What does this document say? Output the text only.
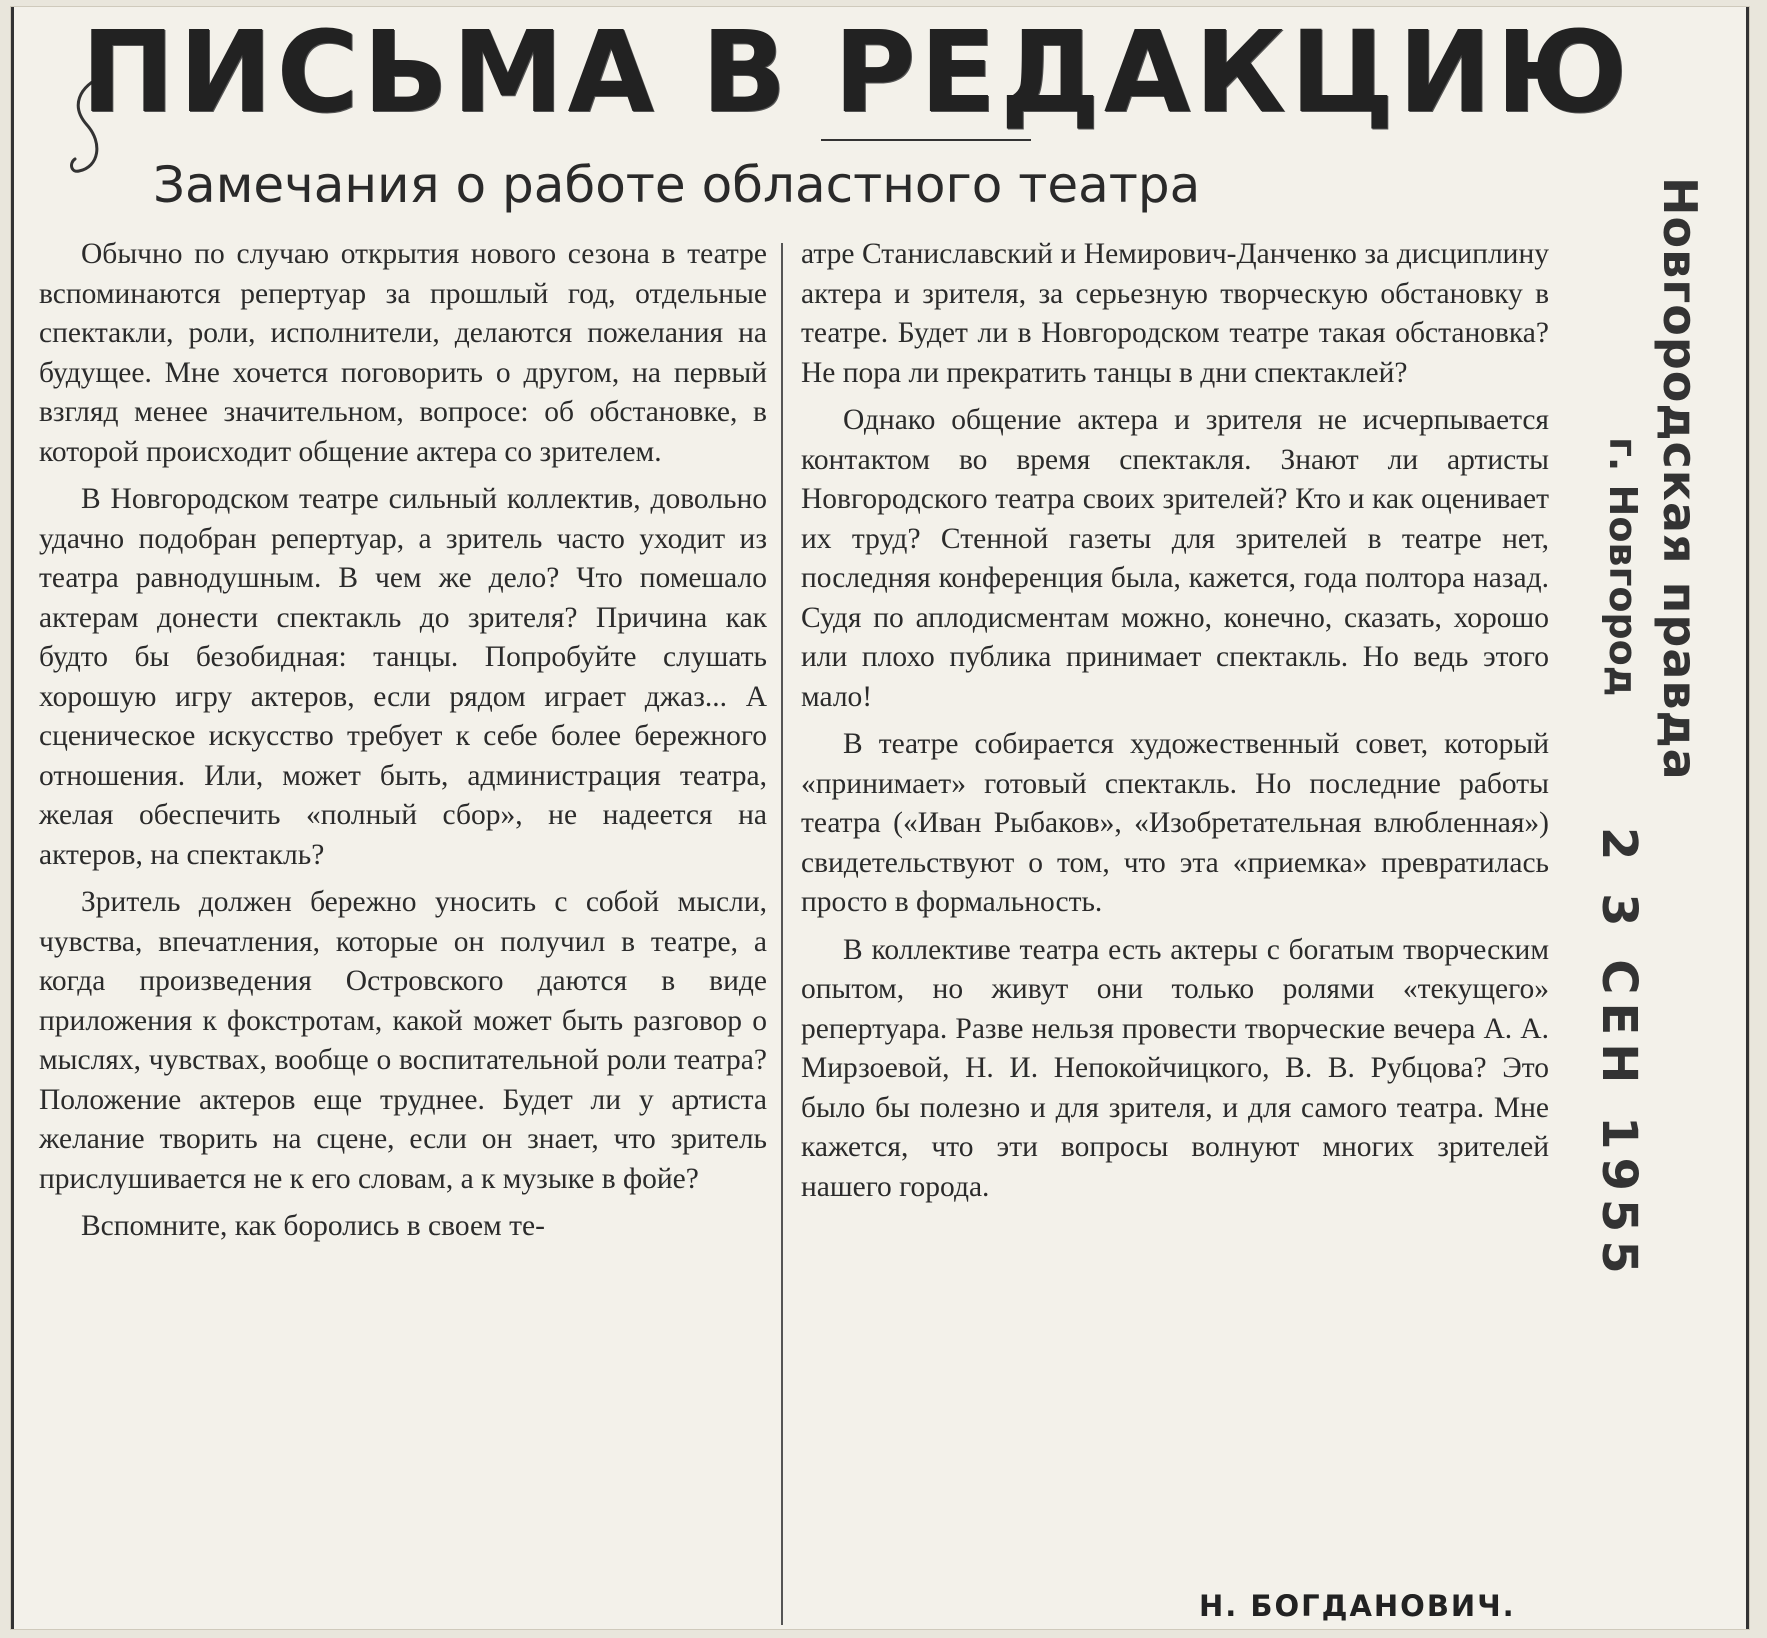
ПИСЬМА В РЕДАКЦИЮ
Замечания о работе областного театра

Обычно по случаю открытия нового сезона в театре вспоминаются репертуар за прошлый год, отдельные спектакли, роли, исполнители, делаются пожелания на будущее. Мне хочется поговорить о другом, на первый взгляд менее значительном, вопросе: об обстановке, в которой происходит общение актера со зрителем.

В Новгородском театре сильный коллектив, довольно удачно подобран репертуар, а зритель часто уходит из театра равнодушным. В чем же дело? Что помешало актерам донести спектакль до зрителя? Причина как будто бы безобидная: танцы. Попробуйте слушать хорошую игру актеров, если рядом играет джаз... А сценическое искусство требует к себе более бережного отношения. Или, может быть, администрация театра, желая обеспечить «полный сбор», не надеется на актеров, на спектакль?

Зритель должен бережно уносить с собой мысли, чувства, впечатления, которые он получил в театре, а когда произведения Островского даются в виде приложения к фокстротам, какой может быть разговор о мыслях, чувствах, вообще о воспитательной роли театра? Положение актеров еще труднее. Будет ли у артиста желание творить на сцене, если он знает, что зритель прислушивается не к его словам, а к музыке в фойе?

Вспомните, как боролись в своем те-

атре Станиславский и Немирович-Данченко за дисциплину актера и зрителя, за серьезную творческую обстановку в театре. Будет ли в Новгородском театре такая обстановка? Не пора ли прекратить танцы в дни спектаклей?

Однако общение актера и зрителя не исчерпывается контактом во время спектакля. Знают ли артисты Новгородского театра своих зрителей? Кто и как оценивает их труд? Стенной газеты для зрителей в театре нет, последняя конференция была, кажется, года полтора назад. Судя по аплодисментам можно, конечно, сказать, хорошо или плохо публика принимает спектакль. Но ведь этого мало!

В театре собирается художественный совет, который «принимает» готовый спектакль. Но последние работы театра («Иван Рыбаков», «Изобретательная влюбленная») свидетельствуют о том, что эта «приемка» превратилась просто в формальность.

В коллективе театра есть актеры с богатым творческим опытом, но живут они только ролями «текущего» репертуара. Разве нельзя провести творческие вечера А. А. Мирзоевой, Н. И. Непокойчицкого, В. В. Рубцова? Это было бы полезно и для зрителя, и для самого театра. Мне кажется, что эти вопросы волнуют многих зрителей нашего города.

Н. БОГДАНОВИЧ.
Новгородская правда
г. Новгород
2 3 СЕН 1955
